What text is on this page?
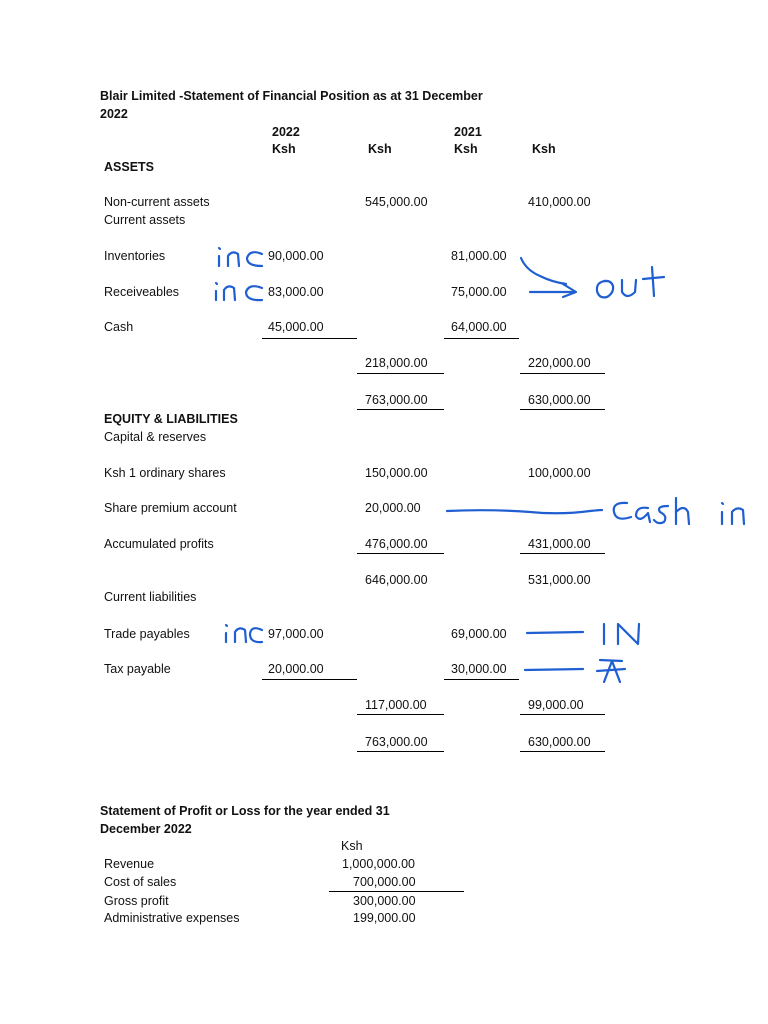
Blair Limited -Statement of Financial Position as at 31 December
2022
2022	2021
Ksh	Ksh	Ksh	Ksh
ASSETS
Non-current assets	545,000.00	410,000.00
Current assets
Inventories	90,000.00	81,000.00
Receiveables	83,000.00	75,000.00
Cash	45,000.00	64,000.00
218,000.00	220,000.00
763,000.00	630,000.00
EQUITY & LIABILITIES
Capital & reserves
Ksh 1 ordinary shares	150,000.00	100,000.00
Share premium account	20,000.00
Accumulated profits	476,000.00	431,000.00
646,000.00	531,000.00
Current liabilities
Trade payables	97,000.00	69,000.00
Tax payable	20,000.00	30,000.00
117,000.00	99,000.00
763,000.00	630,000.00
Statement of Profit or Loss for the year ended 31
December 2022
Ksh
Revenue	1,000,000.00
Cost of sales	700,000.00
Gross profit	300,000.00
Administrative expenses	199,000.00
